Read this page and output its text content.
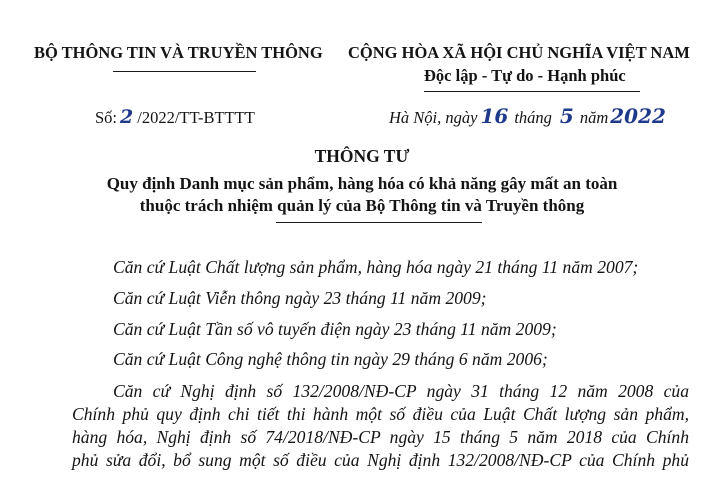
BỘ THÔNG TIN VÀ TRUYỀN THÔNG CỘNG HÒA XÃ HỘI CHỦ NGHĨA VIỆT NAM
Độc lập - Tự do - Hạnh phúc
Số: 2 /2022/TT-BTTTT	Hà Nội, ngày 16 tháng 5 năm 2022
THÔNG TƯ
Quy định Danh mục sản phẩm, hàng hóa có khả năng gây mất an toàn
thuộc trách nhiệm quản lý của Bộ Thông tin và Truyền thông
Căn cứ Luật Chất lượng sản phẩm, hàng hóa ngày 21 tháng 11 năm 2007;
Căn cứ Luật Viễn thông ngày 23 tháng 11 năm 2009;
Căn cứ Luật Tần số vô tuyến điện ngày 23 tháng 11 năm 2009;
Căn cứ Luật Công nghệ thông tin ngày 29 tháng 6 năm 2006;
Căn cứ Nghị định số 132/2008/NĐ-CP ngày 31 tháng 12 năm 2008 của
Chính phủ quy định chi tiết thi hành một số điều của Luật Chất lượng sản phẩm,
hàng hóa, Nghị định số 74/2018/NĐ-CP ngày 15 tháng 5 năm 2018 của Chính
phủ sửa đổi, bổ sung một số điều của Nghị định 132/2008/NĐ-CP của Chính phủ
